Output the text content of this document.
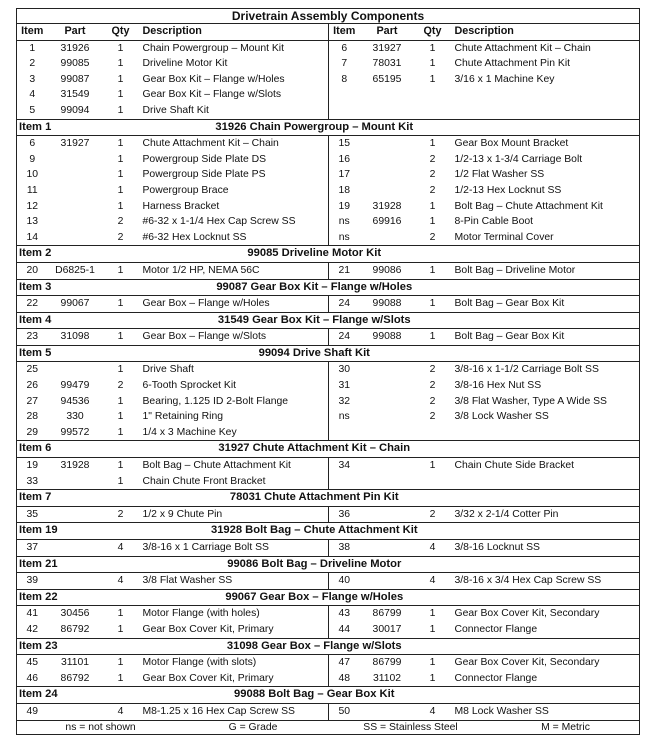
Drivetrain Assembly Components							
Item	Part	Qty	Description	Item	Part	Qty	Description
1	31926	1	Chain Powergroup – Mount Kit	6	31927	1	Chute Attachment Kit – Chain
2	99085	1	Driveline Motor Kit	7	78031	1	Chute Attachment Pin Kit
3	99087	1	Gear Box Kit – Flange w/Holes	8	65195	1	3/16 x 1 Machine Key
4	31549	1	Gear Box Kit – Flange w/Slots				
5	99094	1	Drive Shaft Kit				
Item 1	31926 Chain Powergroup – Mount Kit						
6	31927	1	Chute Attachment Kit – Chain	15		1	Gear Box Mount Bracket
9		1	Powergroup Side Plate DS	16		2	1/2-13 x 1-3/4 Carriage Bolt
10		1	Powergroup Side Plate PS	17		2	1/2 Flat Washer SS
11		1	Powergroup Brace	18		2	1/2-13 Hex Locknut SS
12		1	Harness Bracket	19	31928	1	Bolt Bag – Chute Attachment Kit
13		2	#6-32 x 1-1/4 Hex Cap Screw SS	ns	69916	1	8-Pin Cable Boot
14		2	#6-32 Hex Locknut SS	ns		2	Motor Terminal Cover
Item 2	99085 Driveline Motor Kit						
20	D6825-1	1	Motor 1/2 HP, NEMA 56C	21	99086	1	Bolt Bag – Driveline Motor
Item 3	99087 Gear Box Kit – Flange w/Holes						
22	99067	1	Gear Box – Flange w/Holes	24	99088	1	Bolt Bag – Gear Box Kit
Item 4	31549 Gear Box Kit – Flange w/Slots						
23	31098	1	Gear Box – Flange w/Slots	24	99088	1	Bolt Bag – Gear Box Kit
Item 5	99094 Drive Shaft Kit						
25		1	Drive Shaft	30		2	3/8-16 x 1-1/2 Carriage Bolt SS
26	99479	2	6-Tooth Sprocket Kit	31		2	3/8-16 Hex Nut SS
27	94536	1	Bearing, 1.125 ID 2-Bolt Flange	32		2	3/8 Flat Washer, Type A Wide SS
28	330	1	1" Retaining Ring	ns		2	3/8 Lock Washer SS
29	99572	1	1/4 x 3 Machine Key				
Item 6	31927 Chute Attachment Kit – Chain						
19	31928	1	Bolt Bag – Chute Attachment Kit	34		1	Chain Chute Side Bracket
33		1	Chain Chute Front Bracket				
Item 7	78031 Chute Attachment Pin Kit						
35		2	1/2 x 9 Chute Pin	36		2	3/32 x 2-1/4 Cotter Pin
Item 19	31928 Bolt Bag – Chute Attachment Kit						
37		4	3/8-16 x 1 Carriage Bolt SS	38		4	3/8-16 Locknut SS
Item 21	99086 Bolt Bag – Driveline Motor						
39		4	3/8 Flat Washer SS	40		4	3/8-16 x 3/4 Hex Cap Screw SS
Item 22	99067 Gear Box – Flange w/Holes						
41	30456	1	Motor Flange (with holes)	43	86799	1	Gear Box Cover Kit, Secondary
42	86792	1	Gear Box Cover Kit, Primary	44	30017	1	Connector Flange
Item 23	31098 Gear Box – Flange w/Slots						
45	31101	1	Motor Flange (with slots)	47	86799	1	Gear Box Cover Kit, Secondary
46	86792	1	Gear Box Cover Kit, Primary	48	31102	1	Connector Flange
Item 24	99088 Bolt Bag – Gear Box Kit						
49		4	M8-1.25 x 16 Hex Cap Screw SS	50		4	M8 Lock Washer SS
ns = not shown G = Grade SS = Stainless Steel M = Metric							
